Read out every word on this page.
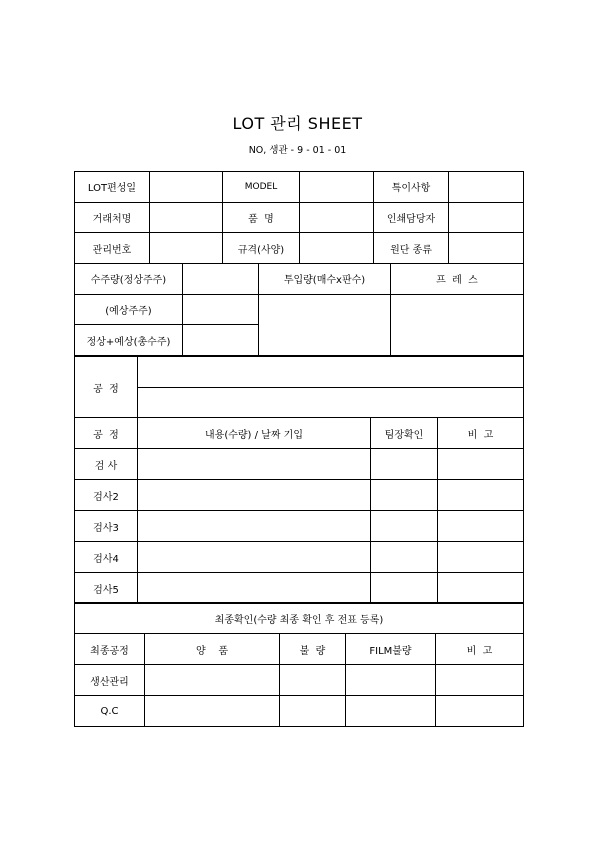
LOT 관리 SHEET
NO, 생관 - 9 - 01 - 01
LOT편성일		MODEL		특이사항	
거래처명		품  명		인쇄담당자	
관리번호		규격(사양)		원단 종류	
수주량(정상주주)		투입량(매수x판수)	프  레  스
(예상주주)			
정상+예상(총수주)			
공  정	

공  정	내용(수량) / 날짜 기입	팀장확인	비  고
검 사			
검사2			
검사3			
검사4			
검사5			
최종확인(수량 최종 확인 후 전표 등록)				
최종공정	양    품	불  량	FILM불량	비  고
생산관리				
Q.C				
